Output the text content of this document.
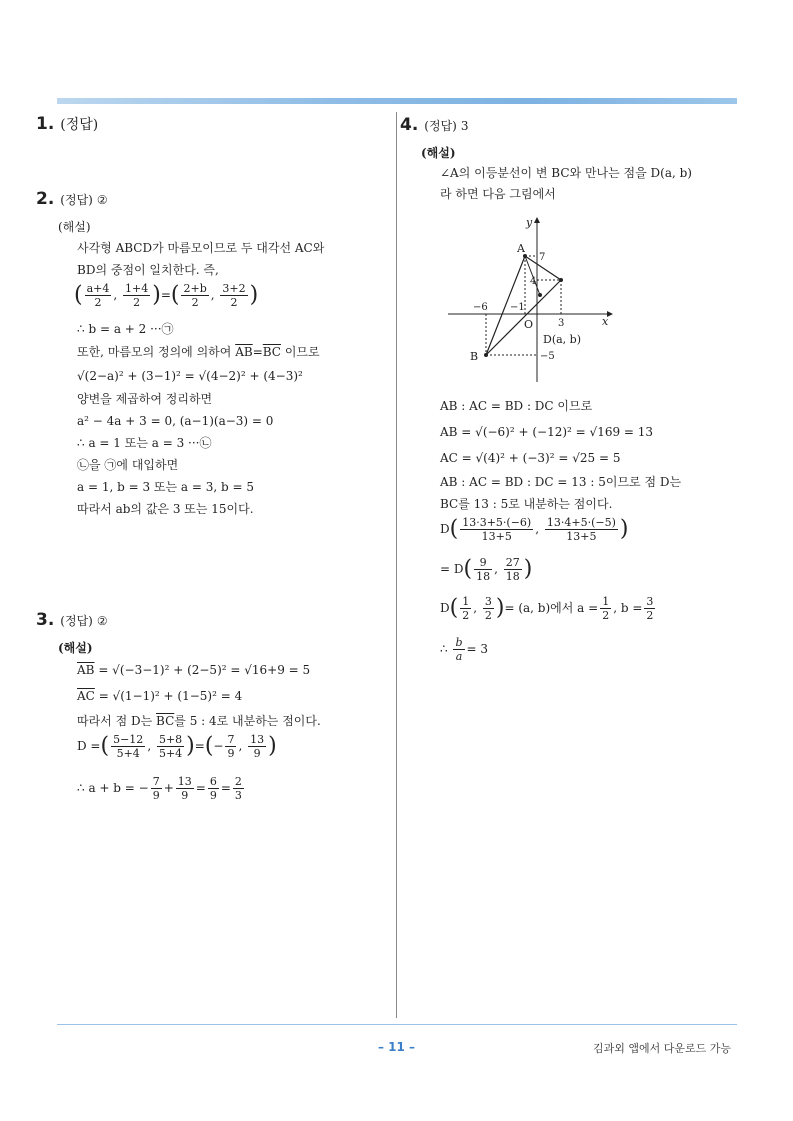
1. (정답)
2. (정답) ②
(해설)
사각형 ABCD가 마름모이므로 두 대각선 AC와
BD의 중점이 일치한다. 즉,
( $\frac{a+4}{2}$ , $\frac{1+4}{2}$ )=( $\frac{2+b}{2}$ , $\frac{3+2}{2}$ )
∴ b = a + 2 ···㉠
또한, 마름모의 정의에 의하여 $\overline{AB}=\overline{BC}$ 이므로
√(2−a)² + (3−1)² = √(4−2)² + (4−3)²
양변을 제곱하여 정리하면
a² − 4a + 3 = 0, (a−1)(a−3) = 0
∴ a = 1 또는 a = 3 ···㉡
㉡을 ㉠에 대입하면
a = 1, b = 3 또는 a = 3, b = 5
따라서 ab의 값은 3 또는 15이다.
3. (정답) ②
(해설)
$\overline{AB} = √(-3-1)^2 + (2-5)^2 = √16+9 = 5$
$\overline{AC} = √(1-1)^2 + (1-5)^2 = 4$
따라서 점 D는 $\overline{BC}$를 5 : 4로 내분하는 점이다.
D =( $\frac{5-12}{5+4}$ , $\frac{5+8}{5+4}$ )=(− $\frac{7}{9}$ , $\frac{13}{9}$ )
∴ a + b = − $\frac{7}{9} + \frac{13}{9} = \frac{6}{9} = \frac{2}{3}$
4. (정답) 3
(해설)
∠A의 이등분선이 변 BC와 만나는 점을 D(a, b)
라 하면 다음 그림에서
y
x
A
B
O
D(a, b)
7
4
−6 −1
3
−5
AB : AC = BD : DC 이므로
AB = √(−6)² + (−12)² = √169 = 13
AC = √(4)² + (−3)² = √25 = 5
AB : AC = BD : DC = 13 : 5이므로 점 D는
BC를 13 : 5로 내분하는 점이다.
$D( \frac{13\cdot 3+5\cdot(-6)}{13+5}$ , $\frac{13\cdot 4+5\cdot(-5)}{13+5}$ )
= $D( \frac{9}{18}$ , $\frac{27}{18}$ )
$D( \frac{1}{2}$ , $\frac{3}{2}$ )= (a, b)에서 $a = \frac{1}{2}$ , $b = \frac{3}{2}$
∴ $\frac{b}{a} = 3$
– 11 –	김과외 앱에서 다운로드 가능
